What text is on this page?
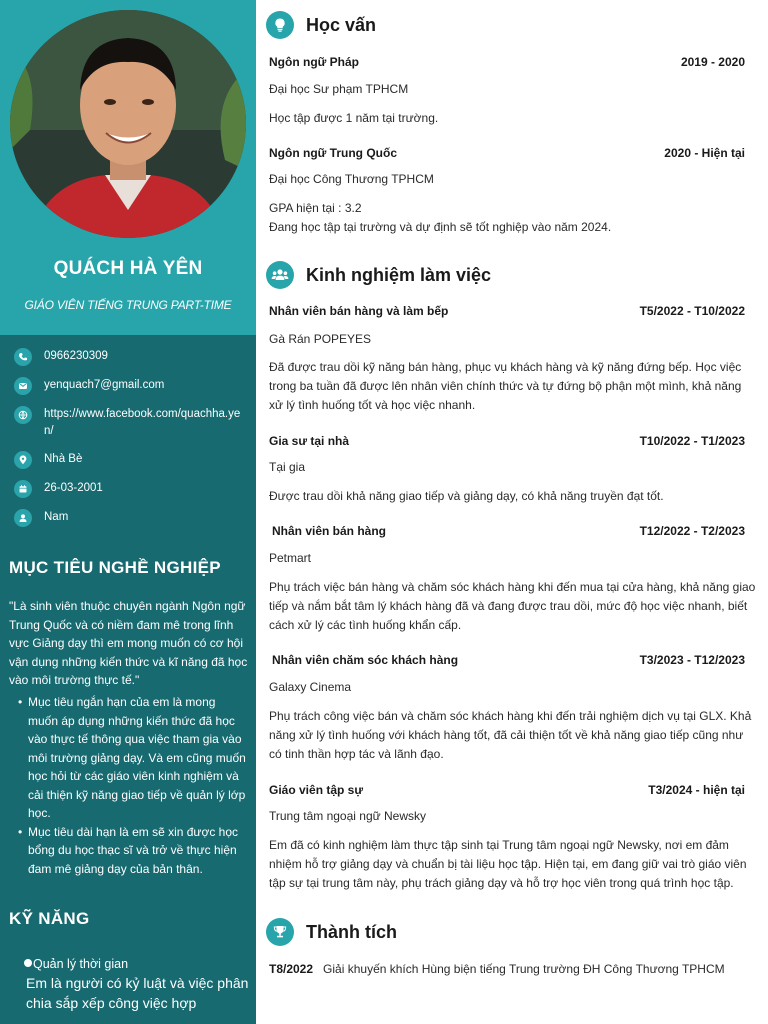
QUÁCH HÀ YÊN
GIÁO VIÊN TIẾNG TRUNG PART-TIME
0966230309
yenquach7@gmail.com
https://www.facebook.com/quachha.yen/
Nhà Bè
26-03-2001
Nam
MỤC TIÊU NGHỀ NGHIỆP
"Là sinh viên thuộc chuyên ngành Ngôn ngữ Trung Quốc và có niềm đam mê trong lĩnh vực Giảng dạy thì em mong muốn có cơ hội vận dụng những kiến thức và kĩ năng đã học vào môi trường thực tế."
• Mục tiêu ngắn hạn của em là mong muốn áp dụng những kiến thức đã học vào thực tế thông qua việc tham gia vào môi trường giảng dạy. Và em cũng muốn học hỏi từ các giáo viên kinh nghiệm và cải thiện kỹ năng giao tiếp về quản lý lớp học.
• Mục tiêu dài hạn là em sẽ xin được học bổng du học thạc sĩ và trở về thực hiện đam mê giảng dạy của bản thân.
KỸ NĂNG
Quản lý thời gian
Em là người có kỷ luật và việc phân chia sắp xếp công việc hợp
Học vấn
Ngôn ngữ Pháp	2019 - 2020
Đại học Sư phạm TPHCM
Học tập được 1 năm tại trường.
Ngôn ngữ Trung Quốc	2020 - Hiện tại
Đại học Công Thương TPHCM
GPA hiện tại : 3.2
Đang học tập tại trường và dự định sẽ tốt nghiệp vào năm 2024.
Kinh nghiệm làm việc
Nhân viên bán hàng và làm bếp	T5/2022 - T10/2022
Gà Rán POPEYES
Đã được trau dồi kỹ năng bán hàng, phục vụ khách hàng và kỹ năng đứng bếp. Học việc trong ba tuần đã được lên nhân viên chính thức và tự đứng bộ phận một mình, khả năng xử lý tình huống tốt và học việc nhanh.
Gia sư tại nhà	T10/2022 - T1/2023
Tại gia
Được trau dồi khả năng giao tiếp và giảng dạy, có khả năng truyền đạt tốt.
Nhân viên bán hàng	T12/2022 - T2/2023
Petmart
Phụ trách việc bán hàng và chăm sóc khách hàng khi đến mua tại cửa hàng, khả năng giao tiếp và nắm bắt tâm lý khách hàng đã và đang được trau dồi, mức độ học việc nhanh, biết cách xử lý các tình huống khẩn cấp.
Nhân viên chăm sóc khách hàng	T3/2023 - T12/2023
Galaxy Cinema
Phụ trách công việc bán và chăm sóc khách hàng khi đến trải nghiệm dịch vụ tại GLX. Khả năng xử lý tình huống với khách hàng tốt, đã cải thiện tốt về khả năng giao tiếp cũng như có tinh thần hợp tác và lãnh đạo.
Giáo viên tập sự	T3/2024 - hiện tại
Trung tâm ngoại ngữ Newsky
Em đã có kinh nghiệm làm thực tập sinh tại Trung tâm ngoại ngữ Newsky, nơi em đảm nhiệm hỗ trợ giảng dạy và chuẩn bị tài liệu học tập. Hiện tại, em đang giữ vai trò giáo viên tập sự tại trung tâm này, phụ trách giảng dạy và hỗ trợ học viên trong quá trình học tập.
Thành tích
T8/2022 Giải khuyến khích Hùng biện tiếng Trung trường ĐH Công Thương TPHCM
